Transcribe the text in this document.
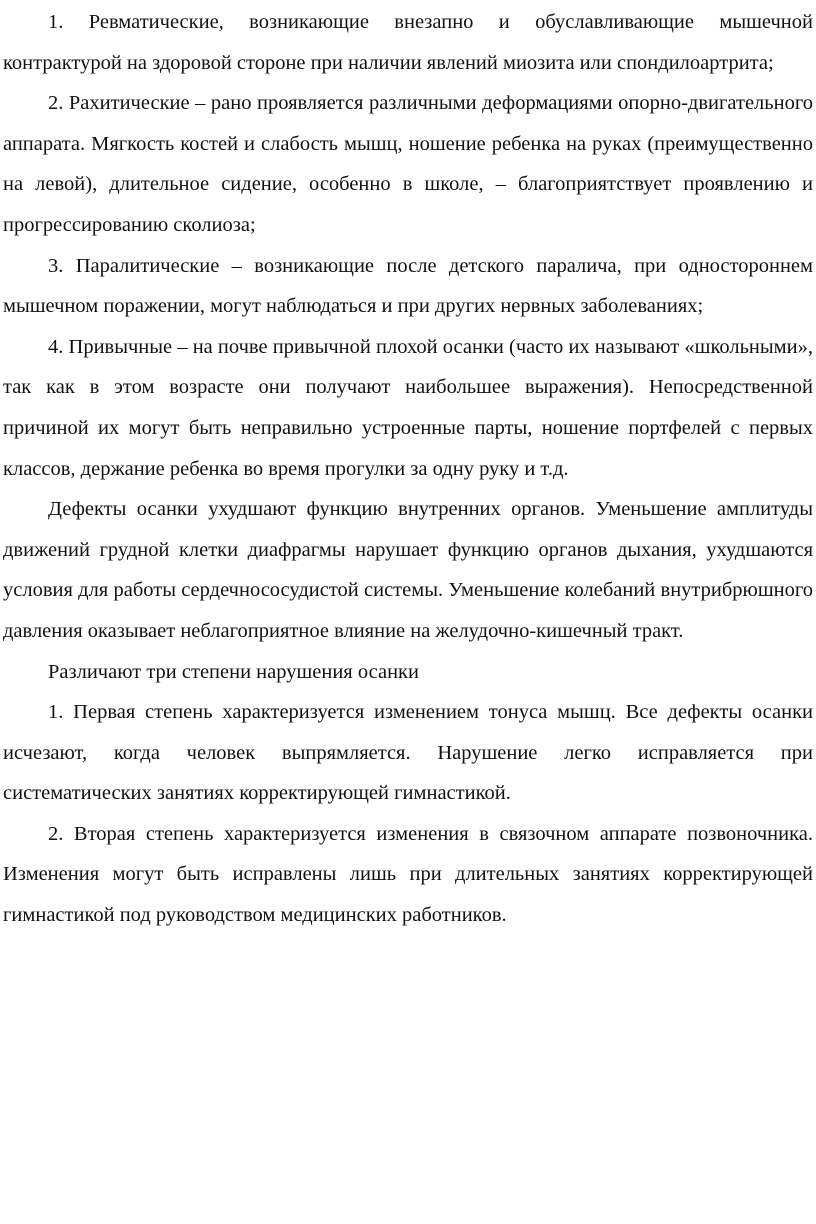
1. Ревматические, возникающие внезапно и обуславливающие мышечной контрактурой на здоровой стороне при наличии явлений миозита или спондилоартрита;

2. Рахитические – рано проявляется различными деформациями опорно-двигательного аппарата. Мягкость костей и слабость мышц, ношение ребенка на руках (преимущественно на левой), длительное сидение, особенно в школе, – благоприятствует проявлению и прогрессированию сколиоза;

3. Паралитические – возникающие после детского паралича, при одностороннем мышечном поражении, могут наблюдаться и при других нервных заболеваниях;

4. Привычные – на почве привычной плохой осанки (часто их называют «школьными», так как в этом возрасте они получают наибольшее выражения). Непосредственной причиной их могут быть неправильно устроенные парты, ношение портфелей с первых классов, держание ребенка во время прогулки за одну руку и т.д.

Дефекты осанки ухудшают функцию внутренних органов. Уменьшение амплитуды движений грудной клетки диафрагмы нарушает функцию органов дыхания, ухудшаются условия для работы сердечнососудистой системы. Уменьшение колебаний внутрибрюшного давления оказывает неблагоприятное влияние на желудочно-кишечный тракт.

Различают три степени нарушения осанки

1. Первая степень характеризуется изменением тонуса мышц. Все дефекты осанки исчезают, когда человек выпрямляется. Нарушение легко исправляется при систематических занятиях корректирующей гимнастикой.

2. Вторая степень характеризуется изменения в связочном аппарате позвоночника. Изменения могут быть исправлены лишь при длительных занятиях корректирующей гимнастикой под руководством медицинских работников.
